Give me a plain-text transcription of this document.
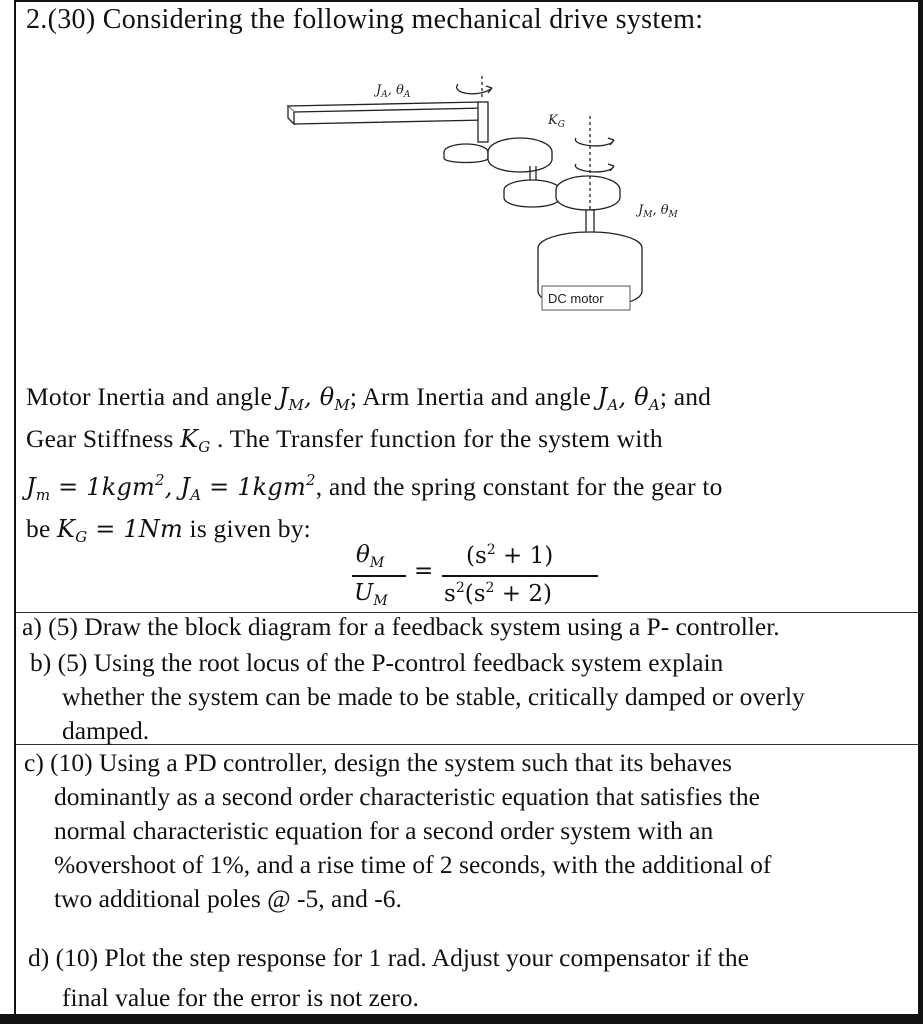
2.(30) Considering the following mechanical drive system:
$J_A$, $\theta_A$
$K_G$
$J_M$, $\theta_M$
DC motor
Motor Inertia and angle $J_M$, $\theta_M$; Arm Inertia and angle $J_A$, $\theta_A$; and
Gear Stiffness $K_G$ . The Transfer function for the system with
$J_m = 1kgm^2$, $J_A = 1kgm^2$, and the spring constant for the gear to
be $K_G = 1Nm$ is given by:
$\theta_M$
$U_M$
=
$(s^2 + 1)$
$s^2(s^2 + 2)$
a) (5) Draw the block diagram for a feedback system using a P- controller.
b) (5) Using the root locus of the P-control feedback system explain
whether the system can be made to be stable, critically damped or overly
damped.
c) (10) Using a PD controller, design the system such that its behaves
dominantly as a second order characteristic equation that satisfies the
normal characteristic equation for a second order system with an
%overshoot of 1%, and a rise time of 2 seconds, with the additional of
two additional poles @ -5, and -6.
d) (10) Plot the step response for 1 rad. Adjust your compensator if the
final value for the error is not zero.
